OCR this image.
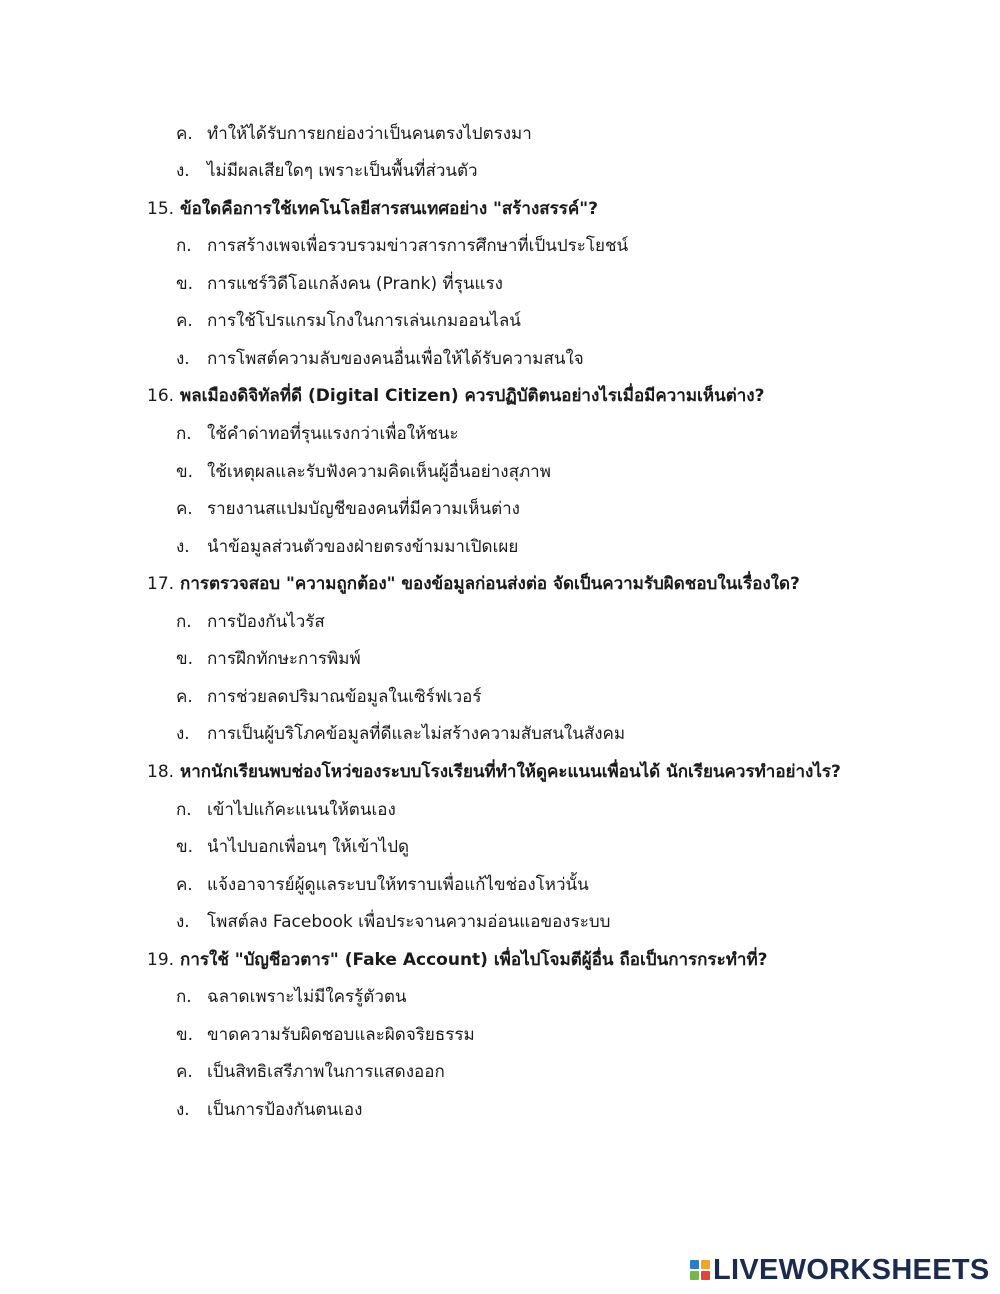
ค. ทำให้ได้รับการยกย่องว่าเป็นคนตรงไปตรงมา
ง. ไม่มีผลเสียใดๆ เพราะเป็นพื้นที่ส่วนตัว
15. ข้อใดคือการใช้เทคโนโลยีสารสนเทศอย่าง "สร้างสรรค์"?
ก. การสร้างเพจเพื่อรวบรวมข่าวสารการศึกษาที่เป็นประโยชน์
ข. การแชร์วิดีโอแกล้งคน (Prank) ที่รุนแรง
ค. การใช้โปรแกรมโกงในการเล่นเกมออนไลน์
ง. การโพสต์ความลับของคนอื่นเพื่อให้ได้รับความสนใจ
16. พลเมืองดิจิทัลที่ดี (Digital Citizen) ควรปฏิบัติตนอย่างไรเมื่อมีความเห็นต่าง?
ก. ใช้คำด่าทอที่รุนแรงกว่าเพื่อให้ชนะ
ข. ใช้เหตุผลและรับฟังความคิดเห็นผู้อื่นอย่างสุภาพ
ค. รายงานสแปมบัญชีของคนที่มีความเห็นต่าง
ง. นำข้อมูลส่วนตัวของฝ่ายตรงข้ามมาเปิดเผย
17. การตรวจสอบ "ความถูกต้อง" ของข้อมูลก่อนส่งต่อ จัดเป็นความรับผิดชอบในเรื่องใด?
ก. การป้องกันไวรัส
ข. การฝึกทักษะการพิมพ์
ค. การช่วยลดปริมาณข้อมูลในเซิร์ฟเวอร์
ง. การเป็นผู้บริโภคข้อมูลที่ดีและไม่สร้างความสับสนในสังคม
18. หากนักเรียนพบช่องโหว่ของระบบโรงเรียนที่ทำให้ดูคะแนนเพื่อนได้ นักเรียนควรทำอย่างไร?
ก. เข้าไปแก้คะแนนให้ตนเอง
ข. นำไปบอกเพื่อนๆ ให้เข้าไปดู
ค. แจ้งอาจารย์ผู้ดูแลระบบให้ทราบเพื่อแก้ไขช่องโหว่นั้น
ง. โพสต์ลง Facebook เพื่อประจานความอ่อนแอของระบบ
19. การใช้ "บัญชีอวตาร" (Fake Account) เพื่อไปโจมตีผู้อื่น ถือเป็นการกระทำที่?
ก. ฉลาดเพราะไม่มีใครรู้ตัวตน
ข. ขาดความรับผิดชอบและผิดจริยธรรม
ค. เป็นสิทธิเสรีภาพในการแสดงออก
ง. เป็นการป้องกันตนเอง
LIVEWORKSHEETS
